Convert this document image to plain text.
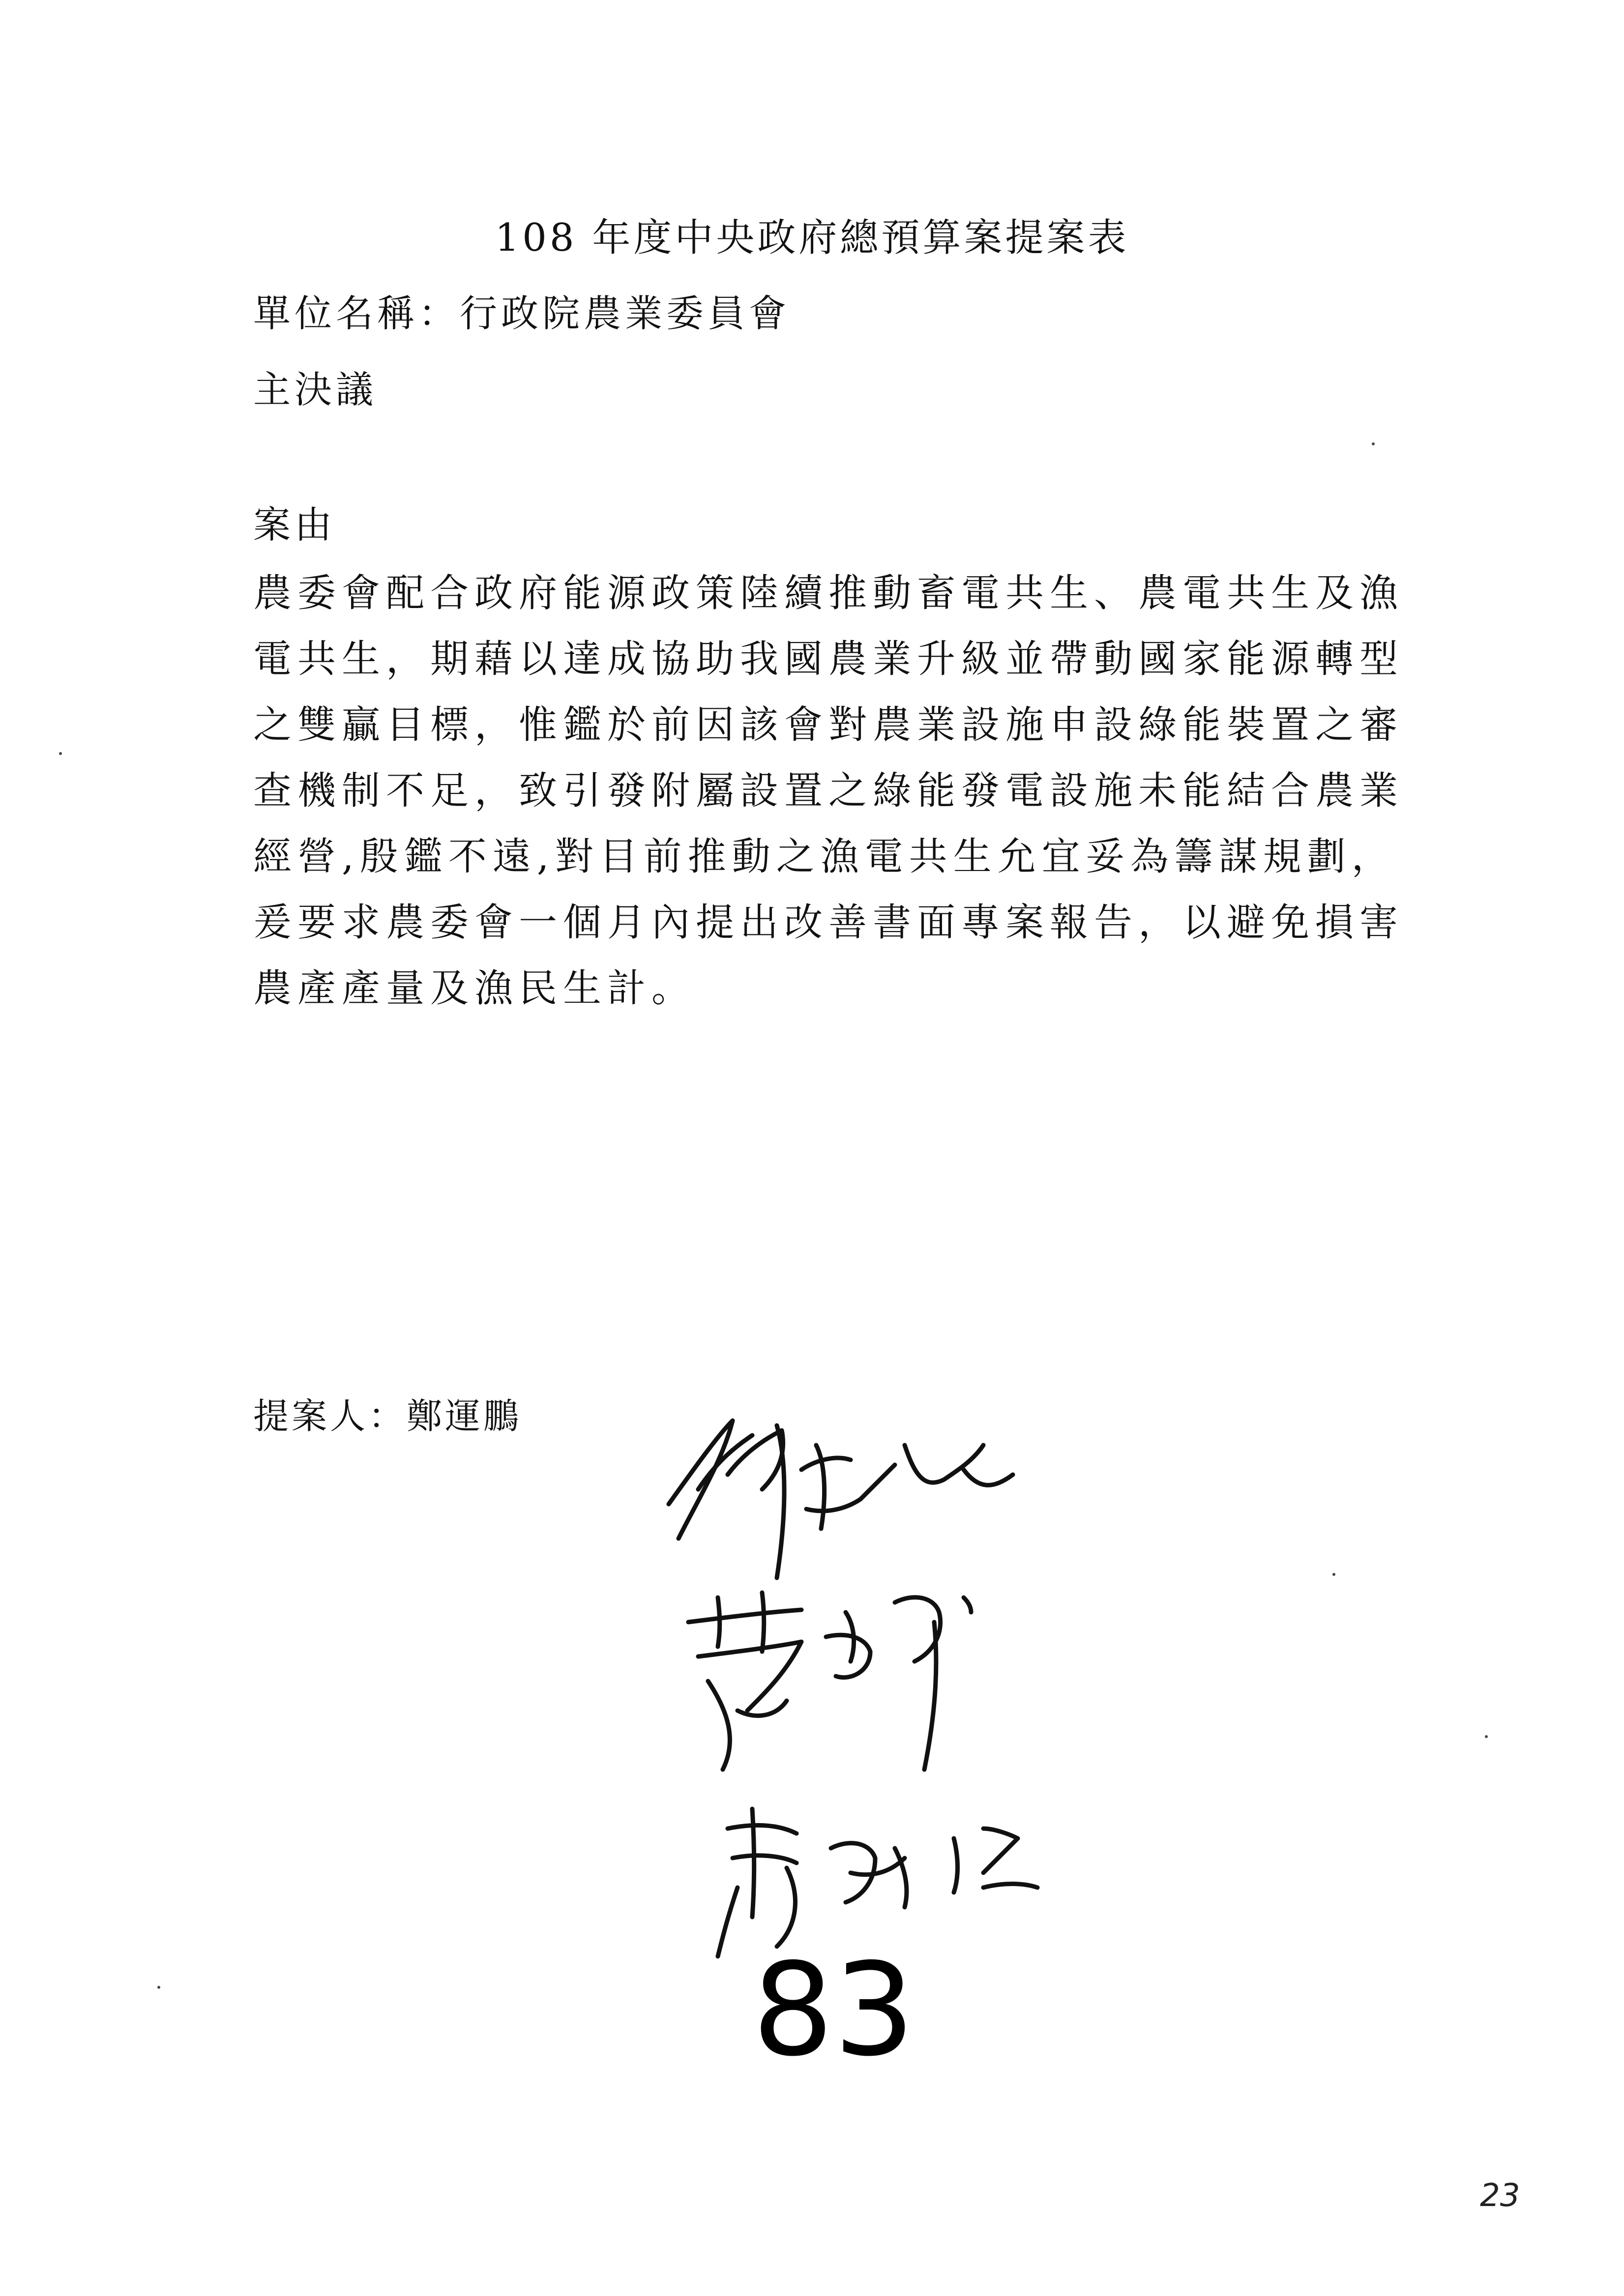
108 年度中央政府總預算案提案表
單位名稱：行政院農業委員會
主決議
案由
農委會配合政府能源政策陸續推動畜電共生、農電共生及漁
電共生，期藉以達成協助我國農業升級並帶動國家能源轉型
之雙贏目標，惟鑑於前因該會對農業設施申設綠能裝置之審
查機制不足，致引發附屬設置之綠能發電設施未能結合農業
經營,殷鑑不遠,對目前推動之漁電共生允宜妥為籌謀規劃，
爰要求農委會一個月內提出改善書面專案報告，以避免損害
農產產量及漁民生計。
提案人：鄭運鵬
83
23
